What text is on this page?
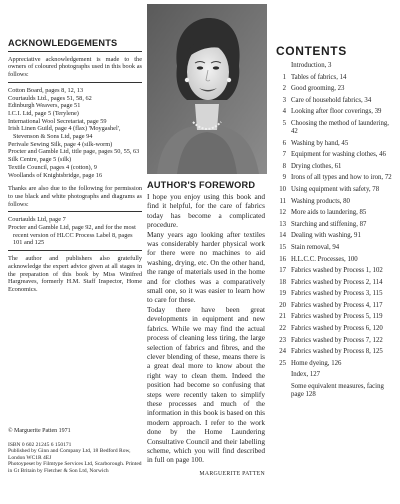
ACKNOWLEDGEMENTS

Appreciative acknowledgement is made to the owners of coloured photographs used in this book as follows:

Cotton Board, pages 8, 12, 13
Courtaulds Ltd., pages 51, 58, 62
Edinburgh Weavers, page 51
I.C.I. Ltd, page 5 (Terylene)
International Wool Secretariat, page 59
Irish Linen Guild, page 4 (flax) 'Moygashel', Stevenson & Sons Ltd, page 94
Perivale Sewing Silk, page 4 (silk-worm)
Procter and Gamble Ltd, title page, pages 50, 55, 63
Silk Centre, page 5 (silk)
Textile Council, pages 4 (cotton), 9
Woollands of Knightsbridge, page 16

Thanks are also due to the following for permission to use black and white photographs and diagrams as follows:

Courtaulds Ltd, page 7
Procter and Gamble Ltd, page 92, and for the most recent version of HLCC Process Label 8, pages 101 and 125

The author and publishers also gratefully acknowledge the expert advice given at all stages in the preparation of this book by Miss Winifred Hargreaves, formerly H.M. Staff Inspector, Home Economics.

© Marguerite Patten 1971
ISBN 0 602 21245 6 150171
Published by Ginn and Company Ltd, 18 Bedford Row, London WC1R 4EJ
Photoypeset by Filmtype Services Ltd, Scarborough. Printed in Gt Britain by Fletcher & Son Ltd, Norwich
AUTHOR'S FOREWORD

I hope you enjoy using this book and find it helpful, for the care of fabrics today has become a complicated procedure.

Many years ago looking after textiles was considerably harder physical work for there were no machines to aid washing, drying, etc. On the other hand, the range of materials used in the home and for clothes was a comparatively small one, so it was easier to learn how to care for these.

Today there have been great developments in equipment and new fabrics. While we may find the actual process of cleaning less tiring, the large selection of fabrics and fibres, and the clever blending of these, means there is a great deal more to know about the right way to clean them. Indeed the position had become so confusing that steps were recently taken to simplify these processes and much of the information in this book is based on this modern approach. I refer to the work done by the Home Laundering Consultative Council and their labelling scheme, which you will find described in full on page 100.

MARGUERITE PATTEN
CONTENTS
Introduction, 3
1 Tables of fabrics, 14
2 Good grooming, 23
3 Care of household fabrics, 34
4 Looking after floor coverings, 39
5 Choosing the method of laundering, 42
6 Washing by hand, 45
7 Equipment for washing clothes, 46
8 Drying clothes, 61
9 Irons of all types and how to iron, 72
10 Using equipment with safety, 78
11 Washing products, 80
12 More aids to laundering, 85
13 Starching and stiffening, 87
14 Dealing with washing, 91
15 Stain removal, 94
16 H.L.C.C. Processes, 100
17 Fabrics washed by Process 1, 102
18 Fabrics washed by Process 2, 114
19 Fabrics washed by Process 3, 115
20 Fabrics washed by Process 4, 117
21 Fabrics washed by Process 5, 119
22 Fabrics washed by Process 6, 120
23 Fabrics washed by Process 7, 122
24 Fabrics washed by Process 8, 125
25 Home dyeing, 126
Index, 127
Some equivalent measures, facing page 128
